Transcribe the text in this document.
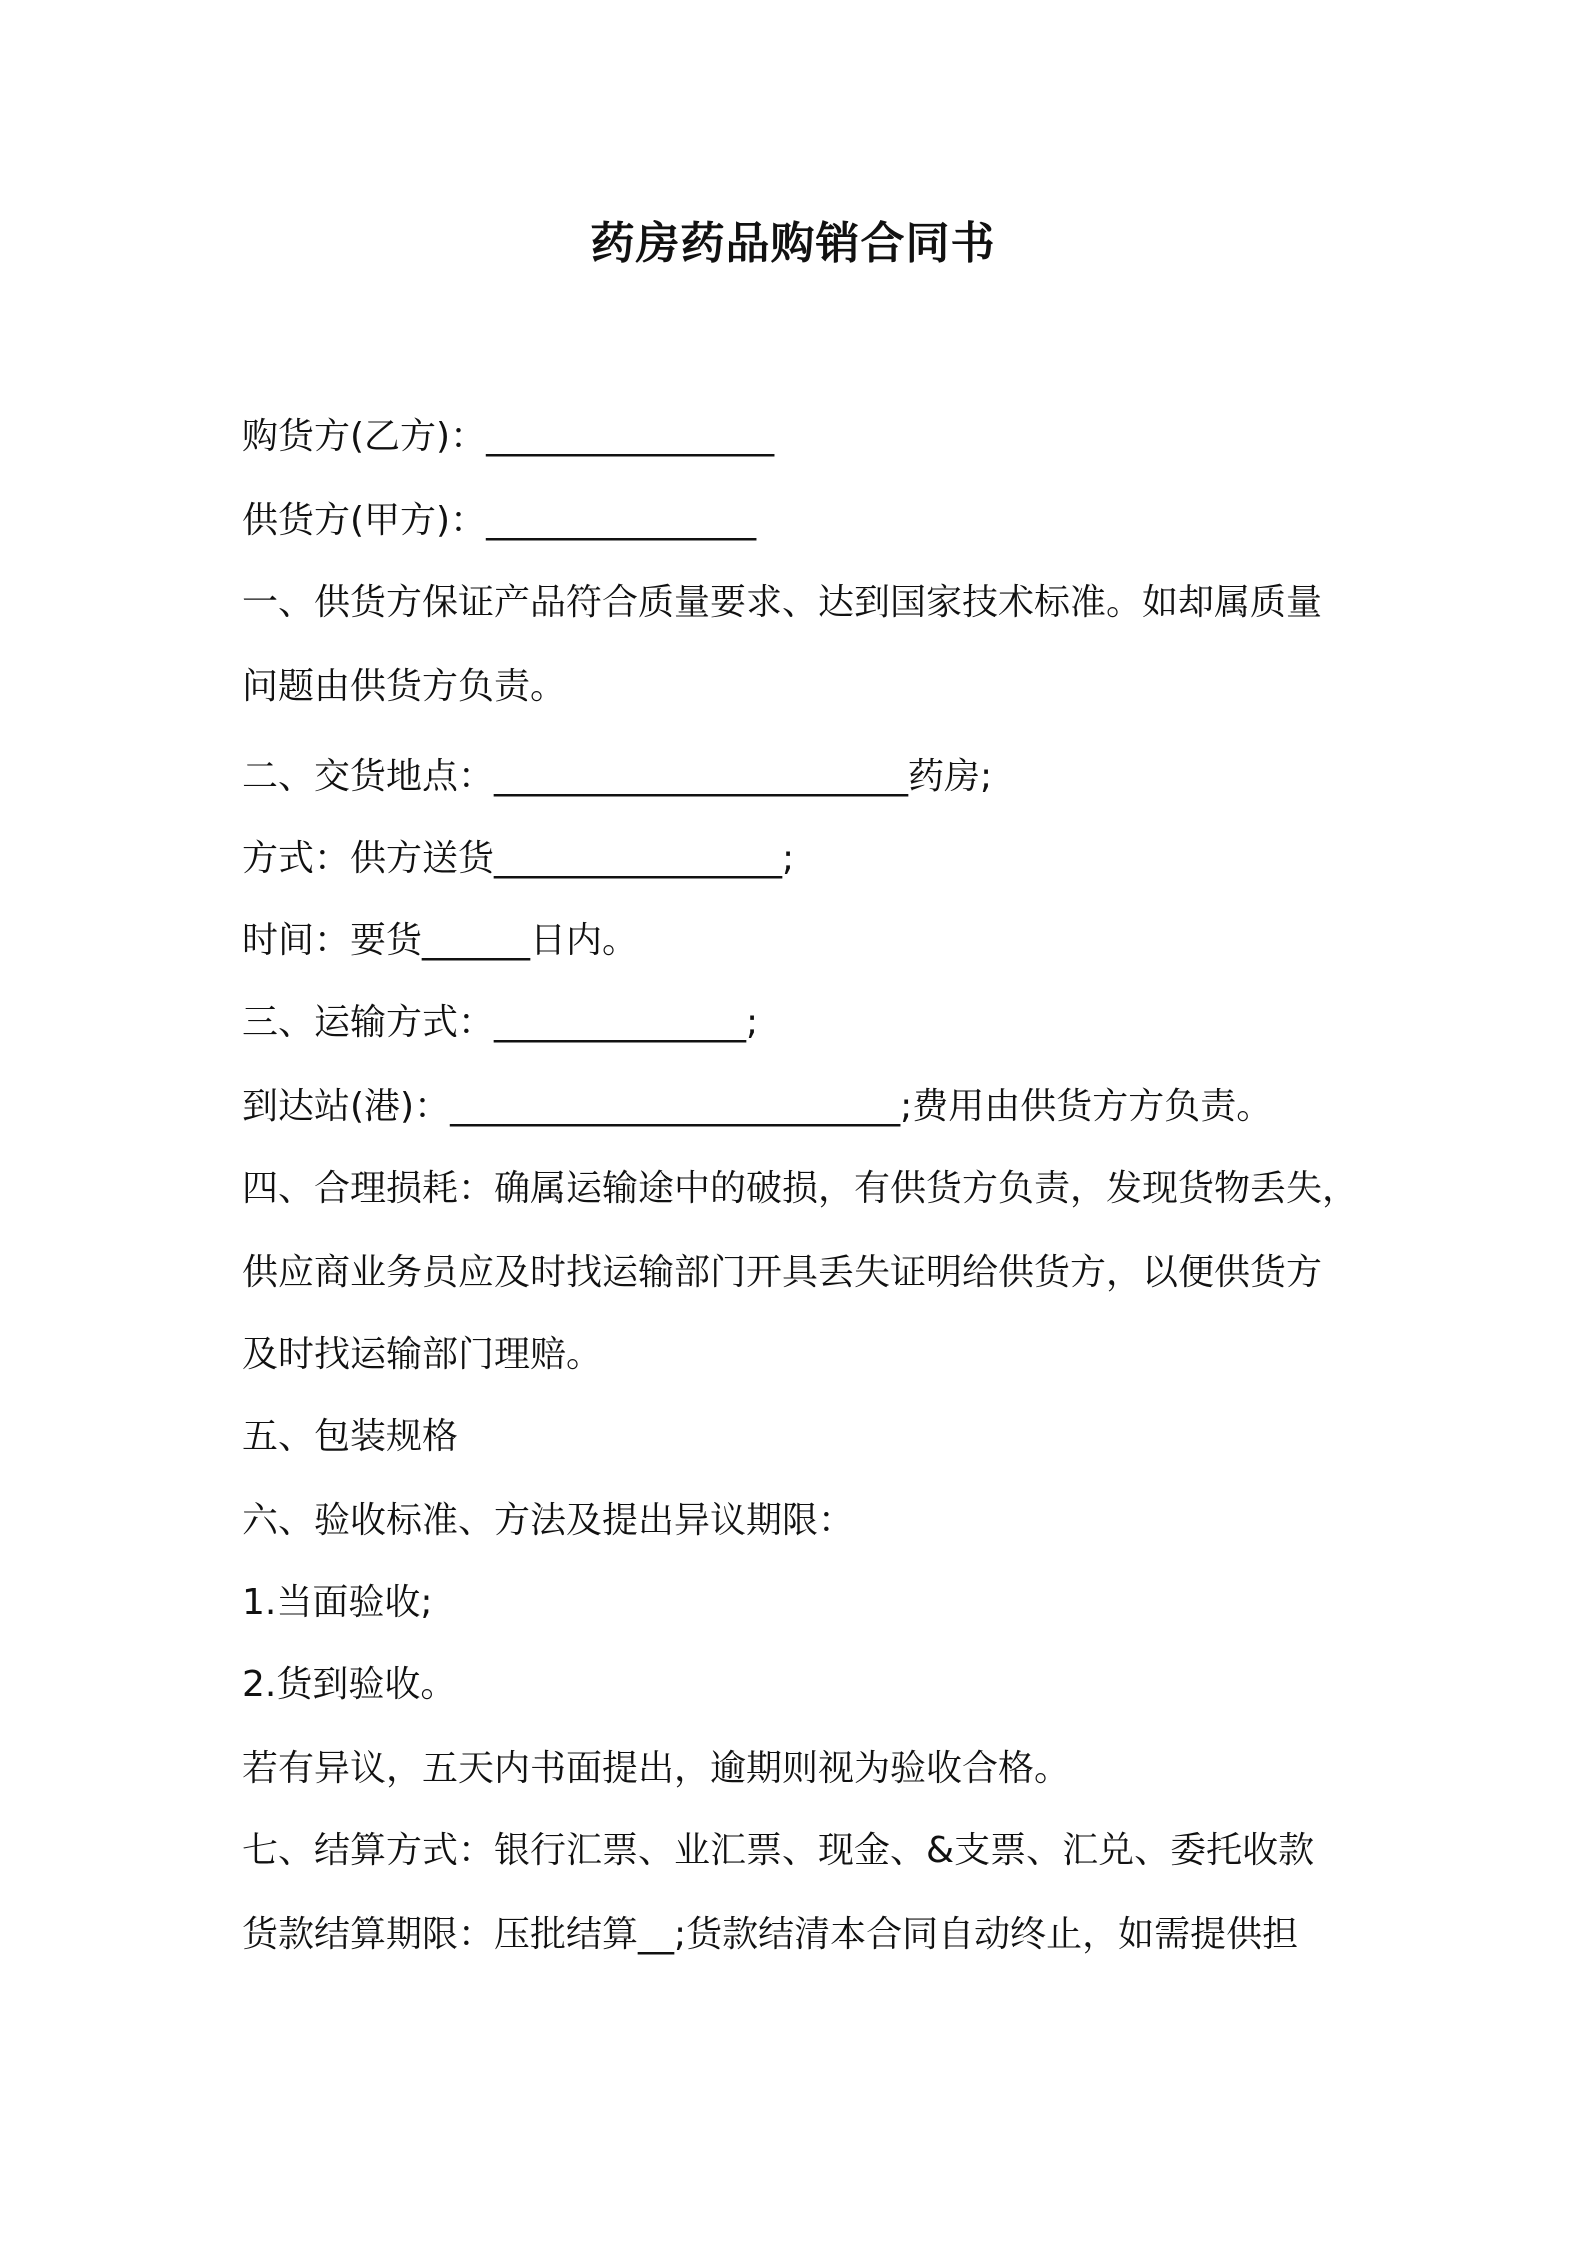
药房药品购销合同书

购货方(乙方)：________________

供货方(甲方)：_______________

一、供货方保证产品符合质量要求、达到国家技术标准。如却属质量

问题由供货方负责。

二、交货地点：_______________________药房;

方式：供方送货________________;

时间：要货______日内。

三、运输方式：______________;

到达站(港)：_________________________;费用由供货方方负责。

四、合理损耗：确属运输途中的破损，有供货方负责，发现货物丢失，

供应商业务员应及时找运输部门开具丢失证明给供货方，以便供货方

及时找运输部门理赔。

五、包装规格

六、验收标准、方法及提出异议期限：

1.当面验收;

2.货到验收。

若有异议，五天内书面提出，逾期则视为验收合格。

七、结算方式：银行汇票、业汇票、现金、&支票、汇兑、委托收款

货款结算期限：压批结算__;货款结清本合同自动终止，如需提供担
